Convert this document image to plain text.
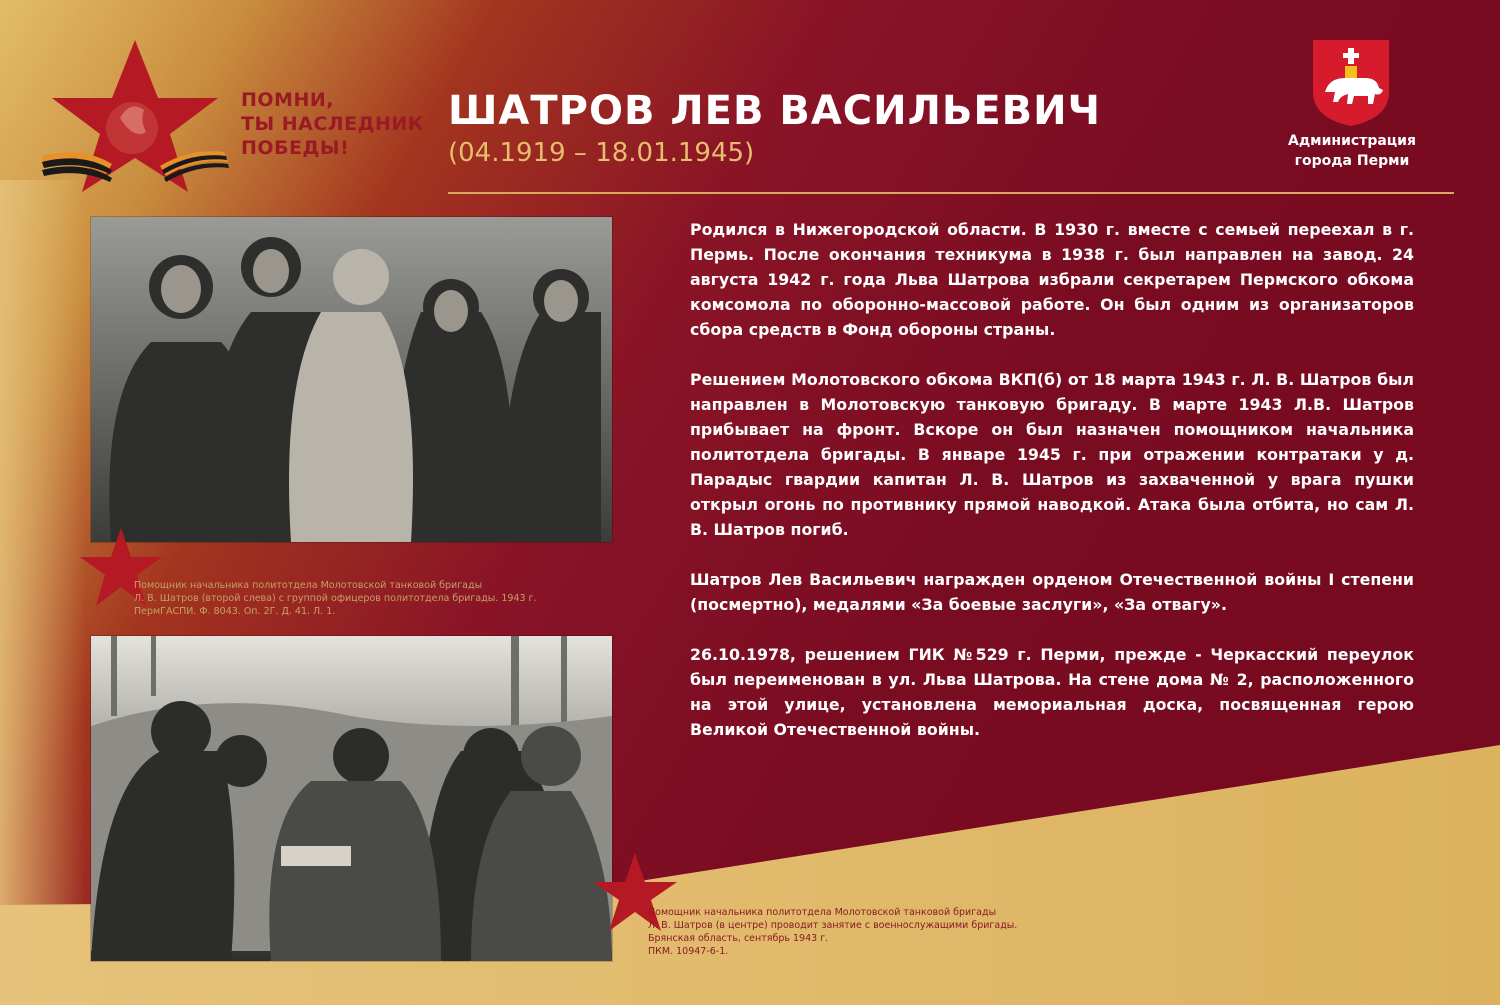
ПОМНИ,
ТЫ НАСЛЕДНИК
ПОБЕДЫ!
ШАТРОВ ЛЕВ ВАСИЛЬЕВИЧ
(04.1919 – 18.01.1945)	Администрация
города Перми
Помощник начальника политотдела Молотовской танковой бригады
Л. В. Шатров (второй слева) с группой офицеров политотдела бригады. 1943 г.
ПермГАСПИ. Ф. 8043. Оп. 2Г. Д. 41. Л. 1.
Помощник начальника политотдела Молотовской танковой бригады
Л. В. Шатров (в центре) проводит занятие с военнослужащими бригады.
Брянская область, сентябрь 1943 г.
ПКМ. 10947-6-1.

Родился в Нижегородской области. В 1930 г. вместе с семьей переехал в г. Пермь. После окончания техникума в 1938 г. был направлен на завод. 24 августа 1942 г. года Льва Шатрова избрали секретарем Пермского обкома комсомола по оборонно-массовой работе. Он был одним из организаторов сбора средств в Фонд обороны страны.

Решением Молотовского обкома ВКП(б) от 18 марта 1943 г. Л. В. Шатров был направлен в Молотовскую танковую бригаду. В марте 1943 Л.В. Шатров прибывает на фронт. Вскоре он был назначен помощником начальника политотдела бригады. В январе 1945 г. при отражении контратаки у д. Парадыс гвардии капитан Л. В. Шатров из захваченной у врага пушки открыл огонь по противнику прямой наводкой. Атака была отбита, но сам Л. В. Шатров погиб.

Шатров Лев Васильевич награжден орденом Отечественной войны I степени (посмертно), медалями «За боевые заслуги», «За отвагу».

26.10.1978, решением ГИК №529 г. Перми, прежде - Черкасский переулок был переименован в ул. Льва Шатрова. На стене дома № 2, расположенного на этой улице, установлена мемориальная доска, посвященная герою Великой Отечественной войны.
